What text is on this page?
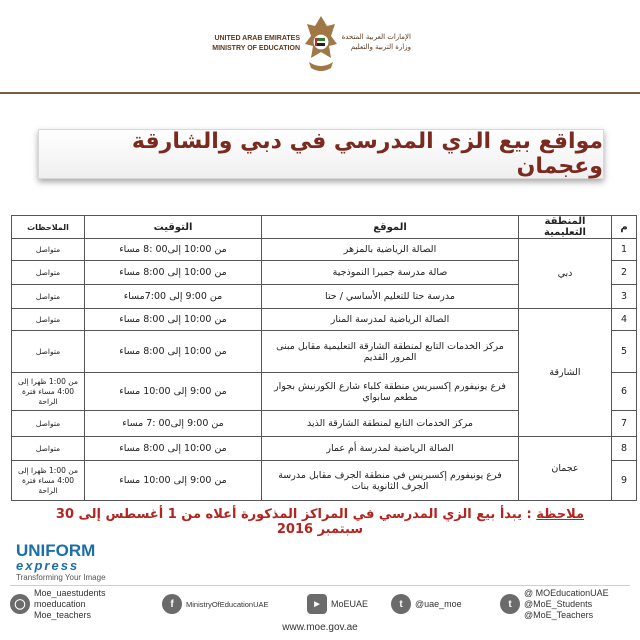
UNITED ARAB EMIRATES
MINISTRY OF EDUCATION
الإمارات العربية المتحدة
وزارة التربية والتعليم
مواقع بيع الزي المدرسي في دبي والشارقة وعجمان
الملاحظات	التوقيت	الموقع	المنطقة التعليمية	م
متواصل	من 10:00 إلى00 :8 مساء	الصالة الرياضية بالمزهر	دبي	1
متواصل	من 10:00 إلى 8:00 مساء	صالة مدرسة جميرا النموذجية		2
متواصل	من 9:00 إلى 7:00مساء	مدرسة حتا للتعليم الأساسي / حتا		3
متواصل	من 10:00 إلى 8:00 مساء	الصالة الرياضية لمدرسة المنار	الشارقة	4
متواصل	من 10:00 إلى 8:00 مساء	مركز الخدمات التابع لمنطقة الشارقة التعليمية مقابل مبنى المرور القديم		5
من 1:00 ظهرا إلى 4:00 مساء فترة الراحة	من 9:00 إلى 10:00 مساء	فرع يونيفورم إكسبريس منطقة كلباء شارع الكورنيش بجوار مطعم سابواي		6
متواصل	من 9:00 إلى00 :7 مساء	مركز الخدمات التابع لمنطقة الشارقة الذيد		7
متواصل	من 10:00 إلى 8:00 مساء	الصالة الرياضية لمدرسة أم عمار	عجمان	8
من 1:00 ظهرا إلى 4:00 مساء فترة الراحة	من 9:00 إلى 10:00 مساء	فرع يونيفورم إكسبريس في منطقة الجرف مقابل مدرسة الجرف الثانوية بنات		9
ملاحظة : يبدأ بيع الزي المدرسي في المراكز المذكورة أعلاه من 1 أغسطس إلى 30 سبتمبر 2016
UNIFORM
express
Transforming Your Image
◯
Moe_uaestudents
moeducation
Moe_teachers
f	MinistryOfEducationUAE	▶	MoEUAE	t	@uae_moe	t
@ MOEducationUAE
@MoE_Students
@MoE_Teachers
www.moe.gov.ae
